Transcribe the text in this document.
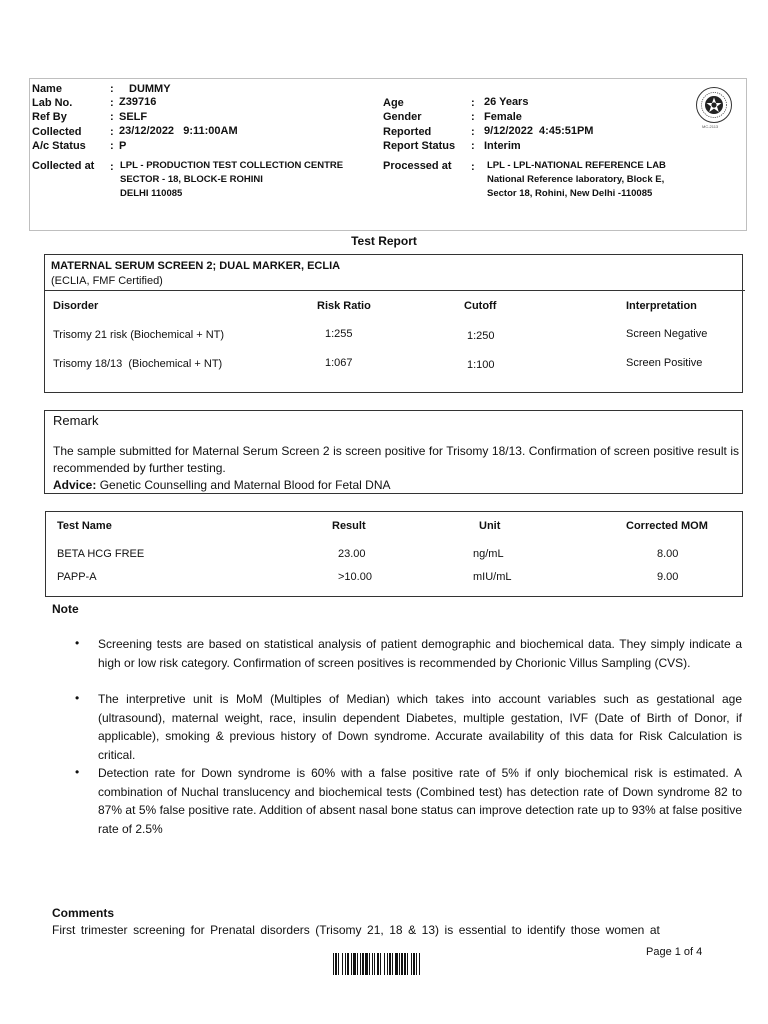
Name	: DUMMY
Lab No.	: Z39716
Ref By	: SELF
Collected	: 23/12/2022   9:11:00AM
A/c Status : P
Collected at : LPL - PRODUCTION TEST COLLECTION CENTRE
SECTOR - 18, BLOCK-E ROHINI
DELHI 110085
Age	: 26 Years
Gender	: Female
Reported	: 9/12/2022  4:45:51PM
Report Status : Interim
Processed at : LPL - LPL-NATIONAL REFERENCE LAB
National Reference laboratory, Block E,
Sector 18, Rohini, New Delhi -110085
MC-2113
Test Report
MATERNAL SERUM SCREEN 2; DUAL MARKER, ECLIA
(ECLIA, FMF Certified)
Disorder	Risk Ratio	Cutoff	Interpretation
Trisomy 21 risk (Biochemical + NT)	1:255	1:250	Screen Negative
Trisomy 18/13  (Biochemical + NT)	1:067	1:100	Screen Positive
Remark
The sample submitted for Maternal Serum Screen 2 is screen positive for Trisomy 18/13. Confirmation of screen positive result is recommended by further testing.
Advice: Genetic Counselling and Maternal Blood for Fetal DNA
Test Name	Result	Unit	Corrected MOM
BETA HCG FREE	23.00	ng/mL	8.00
PAPP-A	>10.00	mIU/mL	9.00
Note
• Screening tests are based on statistical analysis of patient demographic and biochemical data. They simply indicate a high or low risk category. Confirmation of screen positives is recommended by Chorionic Villus Sampling (CVS).
• The interpretive unit is MoM (Multiples of Median) which takes into account variables such as gestational age (ultrasound), maternal weight, race, insulin dependent Diabetes, multiple gestation, IVF (Date of Birth of Donor, if applicable), smoking & previous history of Down syndrome. Accurate availability of this data for Risk Calculation is critical.
• Detection rate for Down syndrome is 60% with a false positive rate of 5% if only biochemical risk is estimated. A combination of Nuchal translucency and biochemical tests (Combined test) has detection rate of Down syndrome 82 to 87% at 5% false positive rate. Addition of absent nasal bone status can improve detection rate up to 93% at false positive rate of 2.5%
Comments
First trimester screening for Prenatal disorders (Trisomy 21, 18 & 13) is essential to identify those women at
Page 1 of 4
